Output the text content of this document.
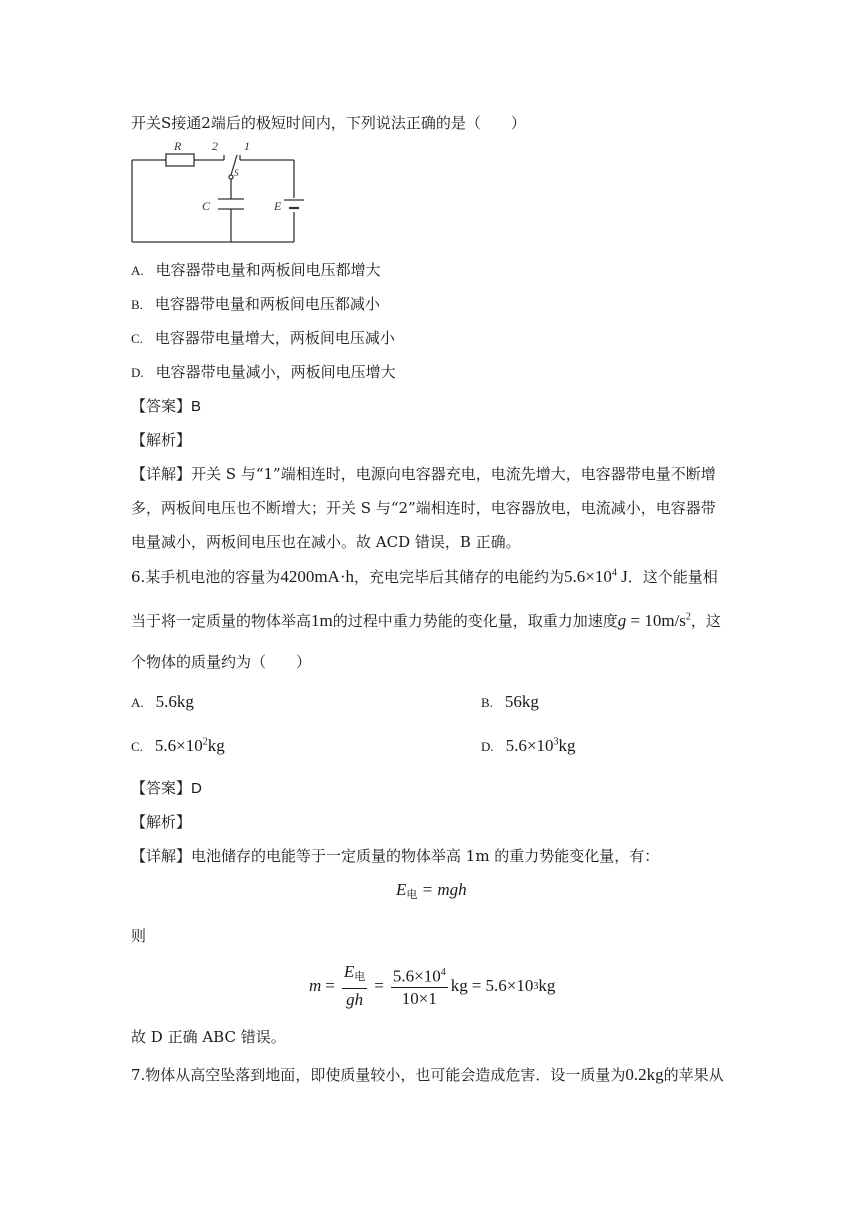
开关S接通2端后的极短时间内，下列说法正确的是（　　）
R	2 1
S
C	E
A. 电容器带电量和两板间电压都增大
B. 电容器带电量和两板间电压都减小
C. 电容器带电量增大，两板间电压减小
D. 电容器带电量减小，两板间电压增大
【答案】B
【解析】
【详解】开关 S 与“1”端相连时，电源向电容器充电，电流先增大，电容器带电量不断增
多，两板间电压也不断增大；开关 S 与“2”端相连时，电容器放电，电流减小，电容器带
电量减小，两板间电压也在减小。故 ACD 错误，B 正确。
6.某手机电池的容量为4200mA·h，充电完毕后其储存的电能约为$5.6\times 10^4$ J．这个能量相
当于将一定质量的物体举高1m的过程中重力势能的变化量，取重力加速度$g = 10m/s^2$，这
个物体的质量约为（　　）
A. 5.6kg	B. 56kg
C. $5.6\times 10^2kg$	D. $5.6\times 10^3kg$
【答案】D
【解析】
【详解】电池储存的电能等于一定质量的物体举高 1m 的重力势能变化量，有：
$E_电$ = mgh
则
$m = \frac{E_电}{gh} = \frac{5.6\times 10^4}{10\times 1}$ kg = 5.6×10 3 kg
故 D 正确 ABC 错误。
7.物体从高空坠落到地面，即使质量较小，也可能会造成危害．设一质量为0.2kg的苹果从
